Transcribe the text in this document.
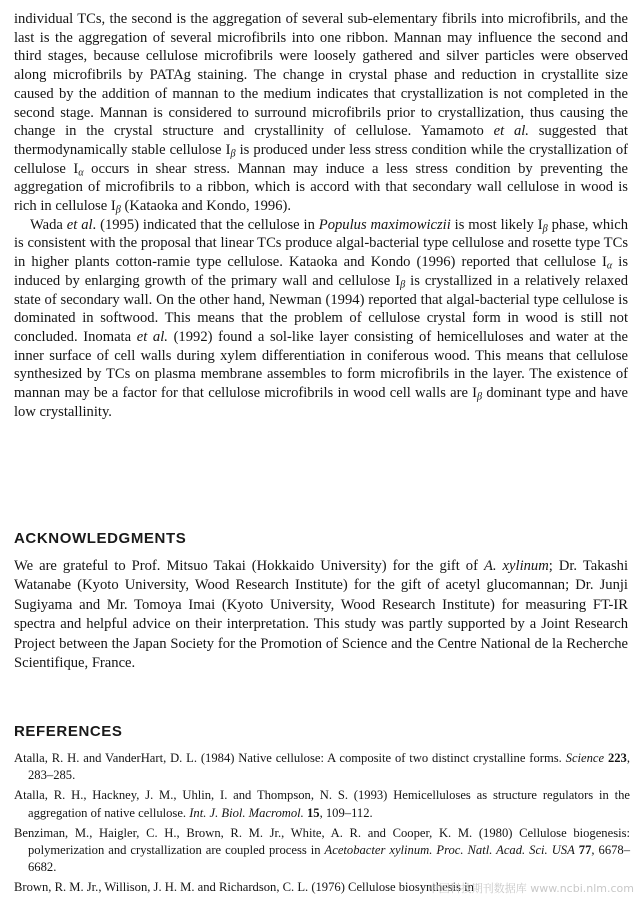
individual TCs, the second is the aggregation of several sub-elementary fibrils into microfibrils, and the last is the aggregation of several microfibrils into one ribbon. Mannan may influence the second and third stages, because cellulose microfibrils were loosely gathered and silver particles were observed along microfibrils by PATAg staining. The change in crystal phase and reduction in crystallite size caused by the addition of mannan to the medium indicates that crystallization is not completed in the second stage. Mannan is considered to surround microfibrils prior to crystallization, thus causing the change in the crystal structure and crystallinity of cellulose. Yamamoto et al. suggested that thermodynamically stable cellulose $I_\beta$ is produced under less stress condition while the crystallization of cellulose $I_\alpha$ occurs in shear stress. Mannan may induce a less stress condition by preventing the aggregation of microfibrils to a ribbon, which is accord with that secondary wall cellulose in wood is rich in cellulose $I_\beta$ (Kataoka and Kondo, 1996).

Wada et al. (1995) indicated that the cellulose in Populus maximowiczii is most likely $I_\beta$ phase, which is consistent with the proposal that linear TCs produce algal-bacterial type cellulose and rosette type TCs in higher plants cotton-ramie type cellulose. Kataoka and Kondo (1996) reported that cellulose $I_\alpha$ is induced by enlarging growth of the primary wall and cellulose $I_\beta$ is crystallized in a relatively relaxed state of secondary wall. On the other hand, Newman (1994) reported that algal-bacterial type cellulose is dominated in softwood. This means that the problem of cellulose crystal form in wood is still not concluded. Inomata et al. (1992) found a sol-like layer consisting of hemicelluloses and water at the inner surface of cell walls during xylem differentiation in coniferous wood. This means that cellulose synthesized by TCs on plasma membrane assembles to form microfibrils in the layer. The existence of mannan may be a factor for that cellulose microfibrils in wood cell walls are $I_\beta$ dominant type and have low crystallinity.

ACKNOWLEDGMENTS

We are grateful to Prof. Mitsuo Takai (Hokkaido University) for the gift of A. xylinum; Dr. Takashi Watanabe (Kyoto University, Wood Research Institute) for the gift of acetyl glucomannan; Dr. Junji Sugiyama and Mr. Tomoya Imai (Kyoto University, Wood Research Institute) for measuring FT-IR spectra and helpful advice on their interpretation. This study was partly supported by a Joint Research Project between the Japan Society for the Promotion of Science and the Centre National de la Recherche Scientifique, France.

REFERENCES

Atalla, R. H. and VanderHart, D. L. (1984) Native cellulose: A composite of two distinct crystalline forms. Science 223, 283–285.

Atalla, R. H., Hackney, J. M., Uhlin, I. and Thompson, N. S. (1993) Hemicelluloses as structure regulators in the aggregation of native cellulose. Int. J. Biol. Macromol. 15, 109–112.

Benziman, M., Haigler, C. H., Brown, R. M. Jr., White, A. R. and Cooper, K. M. (1980) Cellulose biogenesis: polymerization and crystallization are coupled process in Acetobacter xylinum. Proc. Natl. Acad. Sci. USA 77, 6678–6682.

Brown, R. M. Jr., Willison, J. H. M. and Richardson, C. L. (1976) Cellulose biosynthesis in

中国科技期刊数据库 www.ncbi.nlm.com
